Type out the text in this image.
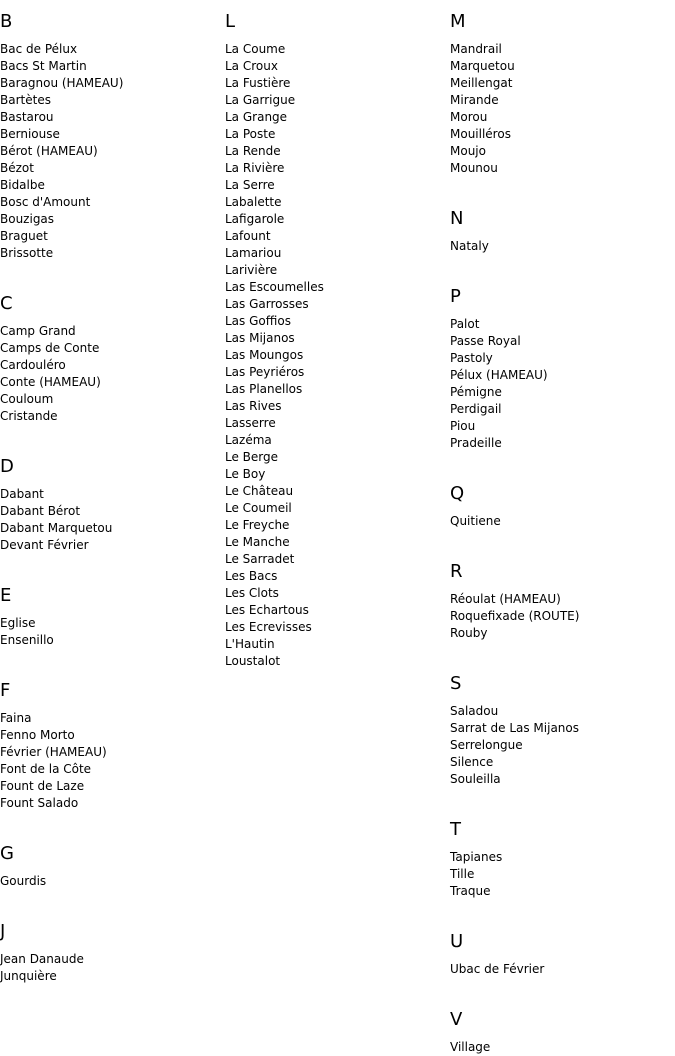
B
Bac de Pélux
Bacs St Martin
Baragnou (HAMEAU)
Bartètes
Bastarou
Berniouse
Bérot (HAMEAU)
Bézot
Bidalbe
Bosc d'Amount
Bouzigas
Braguet
Brissotte
C
Camp Grand
Camps de Conte
Cardouléro
Conte (HAMEAU)
Couloum
Cristande
D
Dabant
Dabant Bérot
Dabant Marquetou
Devant Février
E
Eglise
Ensenillo
F
Faina
Fenno Morto
Février (HAMEAU)
Font de la Côte
Fount de Laze
Fount Salado
G
Gourdis
J
Jean Danaude
Junquière
L
La Coume
La Croux
La Fustière
La Garrigue
La Grange
La Poste
La Rende
La Rivière
La Serre
Labalette
Lafigarole
Lafount
Lamariou
Larivière
Las Escoumelles
Las Garrosses
Las Goffios
Las Mijanos
Las Moungos
Las Peyriéros
Las Planellos
Las Rives
Lasserre
Lazéma
Le Berge
Le Boy
Le Château
Le Coumeil
Le Freyche
Le Manche
Le Sarradet
Les Bacs
Les Clots
Les Echartous
Les Ecrevisses
L'Hautin
Loustalot
M
Mandrail
Marquetou
Meillengat
Mirande
Morou
Mouilléros
Moujo
Mounou
N
Nataly
P
Palot
Passe Royal
Pastoly
Pélux (HAMEAU)
Pémigne
Perdigail
Piou
Pradeille
Q
Quitiene
R
Réoulat (HAMEAU)
Roquefixade (ROUTE)
Rouby
S
Saladou
Sarrat de Las Mijanos
Serrelongue
Silence
Souleilla
T
Tapianes
Tille
Traque
U
Ubac de Février
V
Village
